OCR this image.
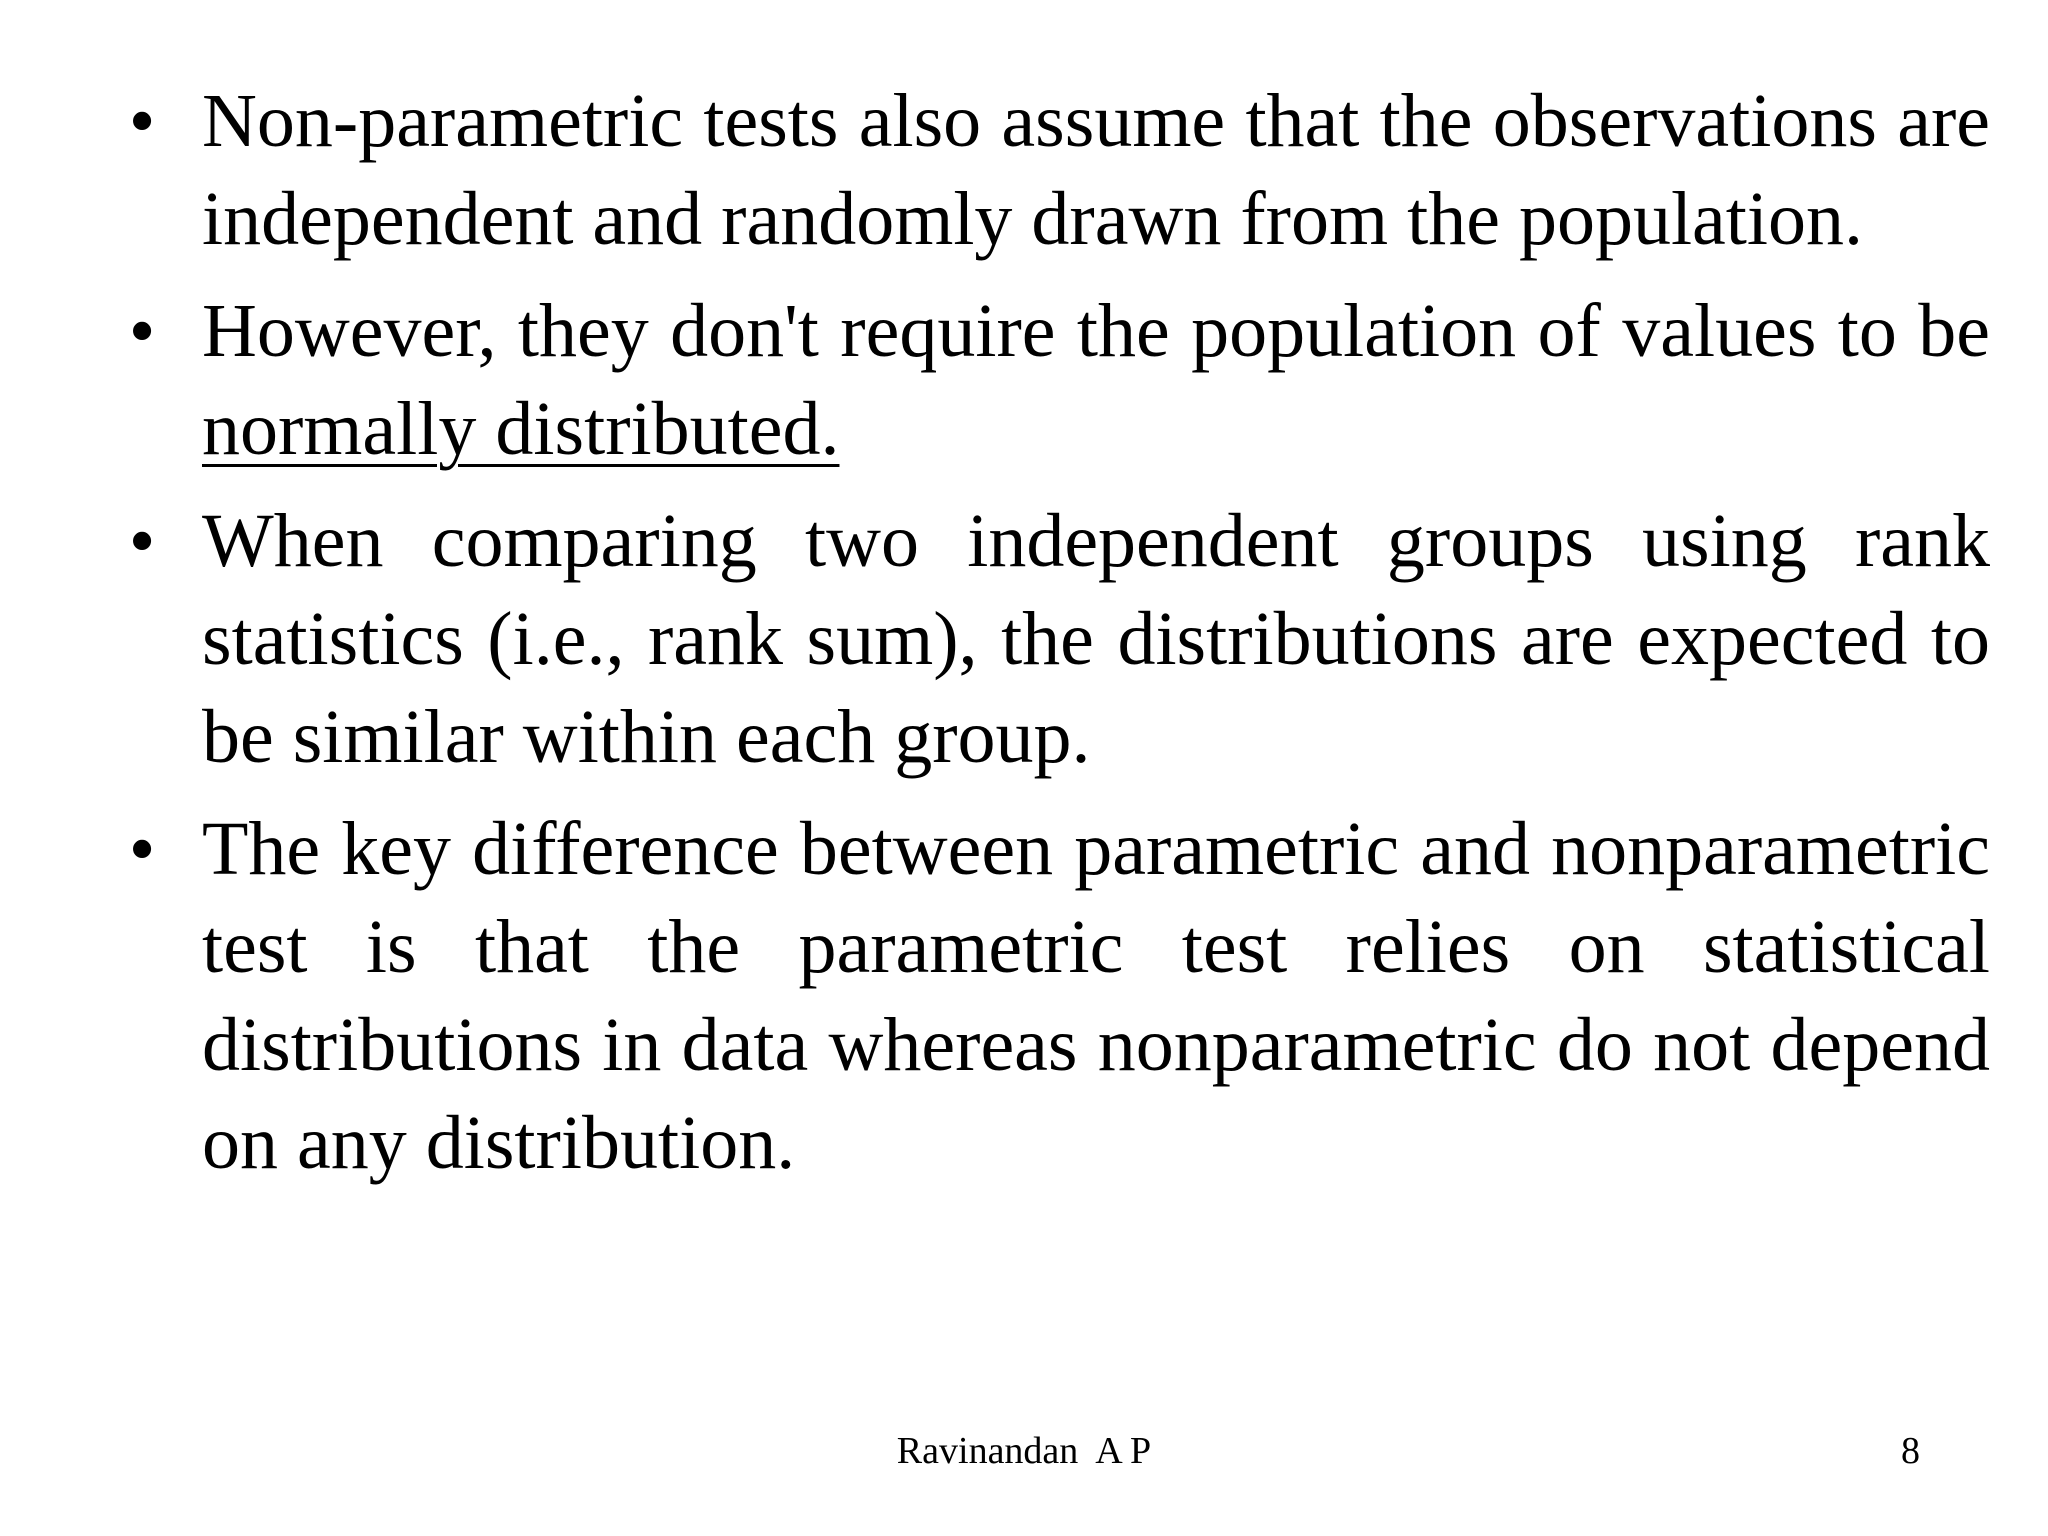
• Non-parametric tests also assume that the observations are independent and randomly drawn from the population.
• However, they don't require the population of values to be normally distributed.
• When comparing two independent groups using rank statistics (i.e., rank sum), the distributions are expected to be similar within each group.
• The key difference between parametric and nonparametric test is that the parametric test relies on statistical distributions in data whereas nonparametric do not depend on any distribution.
Ravinandan  A P	8
